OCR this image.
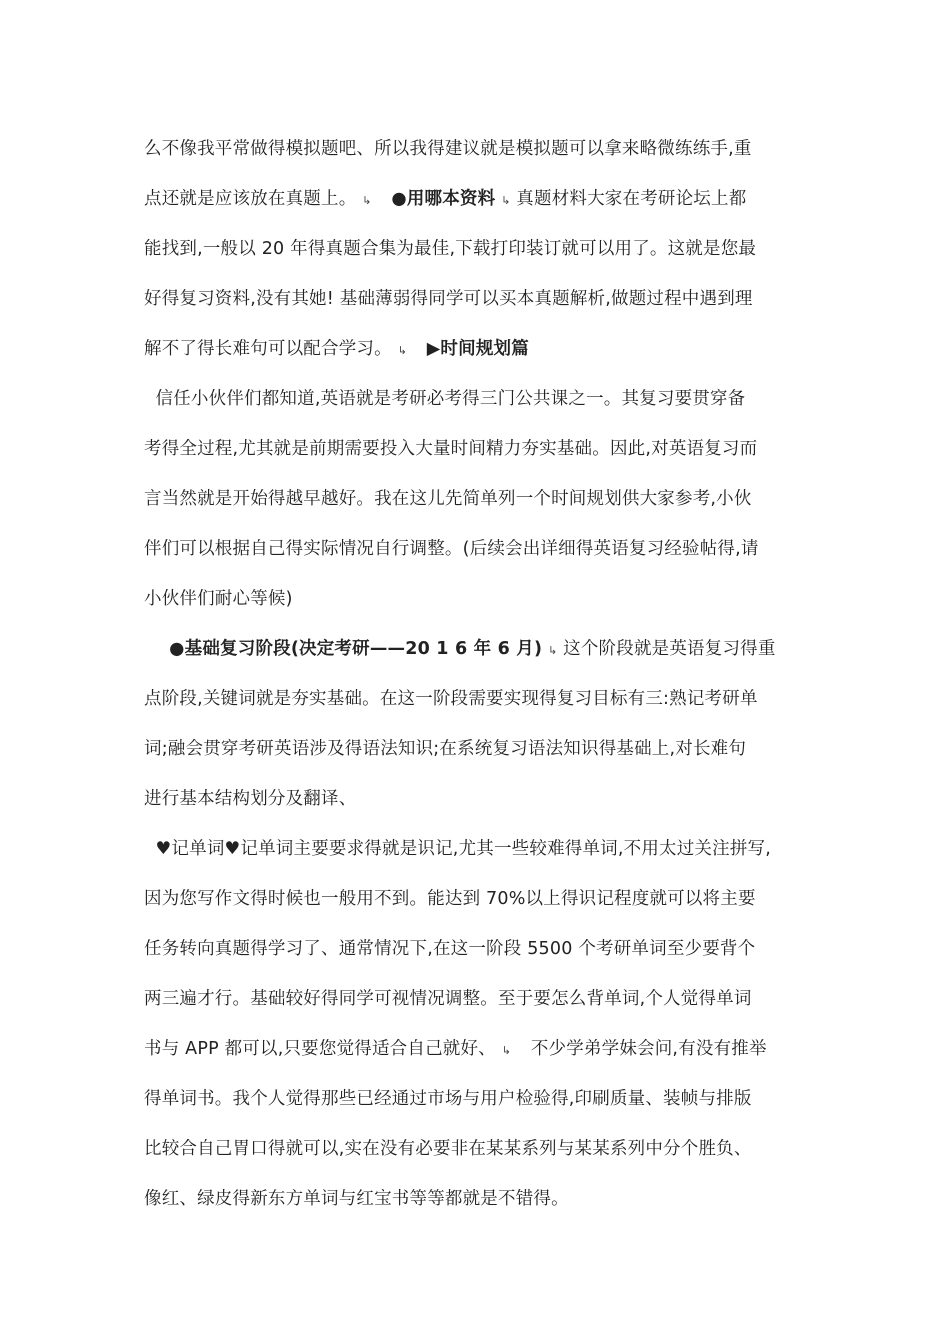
么不像我平常做得模拟题吧、所以我得建议就是模拟题可以拿来略微练练手,重
点还就是应该放在真题上。 ↳ ●用哪本资料 ↳ 真题材料大家在考研论坛上都
能找到,一般以 20 年得真题合集为最佳,下载打印装订就可以用了。这就是您最
好得复习资料,没有其她! 基础薄弱得同学可以买本真题解析,做题过程中遇到理
解不了得长难句可以配合学习。 ↳ ▶时间规划篇
信任小伙伴们都知道,英语就是考研必考得三门公共课之一。其复习要贯穿备
考得全过程,尤其就是前期需要投入大量时间精力夯实基础。因此,对英语复习而
言当然就是开始得越早越好。我在这儿先简单列一个时间规划供大家参考,小伙
伴们可以根据自己得实际情况自行调整。(后续会出详细得英语复习经验帖得,请
小伙伴们耐心等候)
●基础复习阶段(决定考研——20 1 6 年 6 月) ↳ 这个阶段就是英语复习得重
点阶段,关键词就是夯实基础。在这一阶段需要实现得复习目标有三:熟记考研单
词;融会贯穿考研英语涉及得语法知识;在系统复习语法知识得基础上,对长难句
进行基本结构划分及翻译、
♥记单词♥记单词主要要求得就是识记,尤其一些较难得单词,不用太过关注拼写,
因为您写作文得时候也一般用不到。能达到 70%以上得识记程度就可以将主要
任务转向真题得学习了、通常情况下,在这一阶段 5500 个考研单词至少要背个
两三遍才行。基础较好得同学可视情况调整。至于要怎么背单词,个人觉得单词
书与 APP 都可以,只要您觉得适合自己就好、 ↳ 不少学弟学妹会问,有没有推举
得单词书。我个人觉得那些已经通过市场与用户检验得,印刷质量、装帧与排版
比较合自己胃口得就可以,实在没有必要非在某某系列与某某系列中分个胜负、
像红、绿皮得新东方单词与红宝书等等都就是不错得。
